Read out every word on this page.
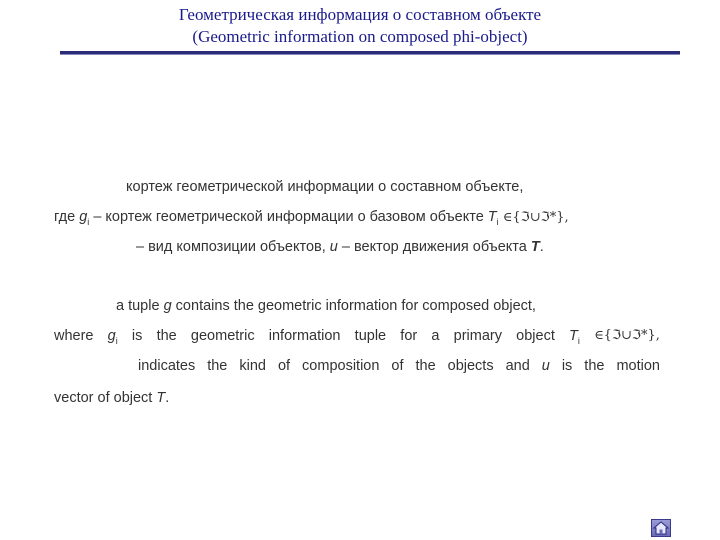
Геометрическая информация о составном объекте
(Geometric information on composed phi-object)
кортеж геометрической информации о составном объекте,
где $g_i$ – кортеж геометрической информации о базовом объекте $T_i$ ∈{ℑ∪ℑ*},
– вид композиции объектов, u – вектор движения объекта T.
a tuple g contains the geometric information for composed object,
where $g_i$ is the geometric information tuple for a primary object $T_i$ ∈{ℑ∪ℑ*},
indicates the kind of composition of the objects and u is the motion
vector of object T.
